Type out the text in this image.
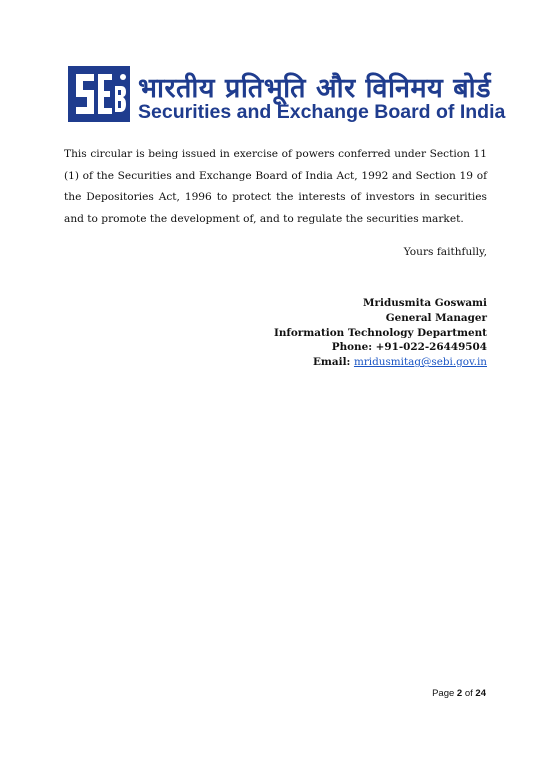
भारतीय प्रतिभूति और विनिमय बोर्ड
Securities and Exchange Board of India

This circular is being issued in exercise of powers conferred under Section 11 (1) of the Securities and Exchange Board of India Act, 1992 and Section 19 of the Depositories Act, 1996 to protect the interests of investors in securities and to promote the development of, and to regulate the securities market.

Yours faithfully,
Mridusmita Goswami
General Manager
Information Technology Department
Phone: +91-022-26449504
Email: mridusmitag@sebi.gov.in
Page 2 of 24
